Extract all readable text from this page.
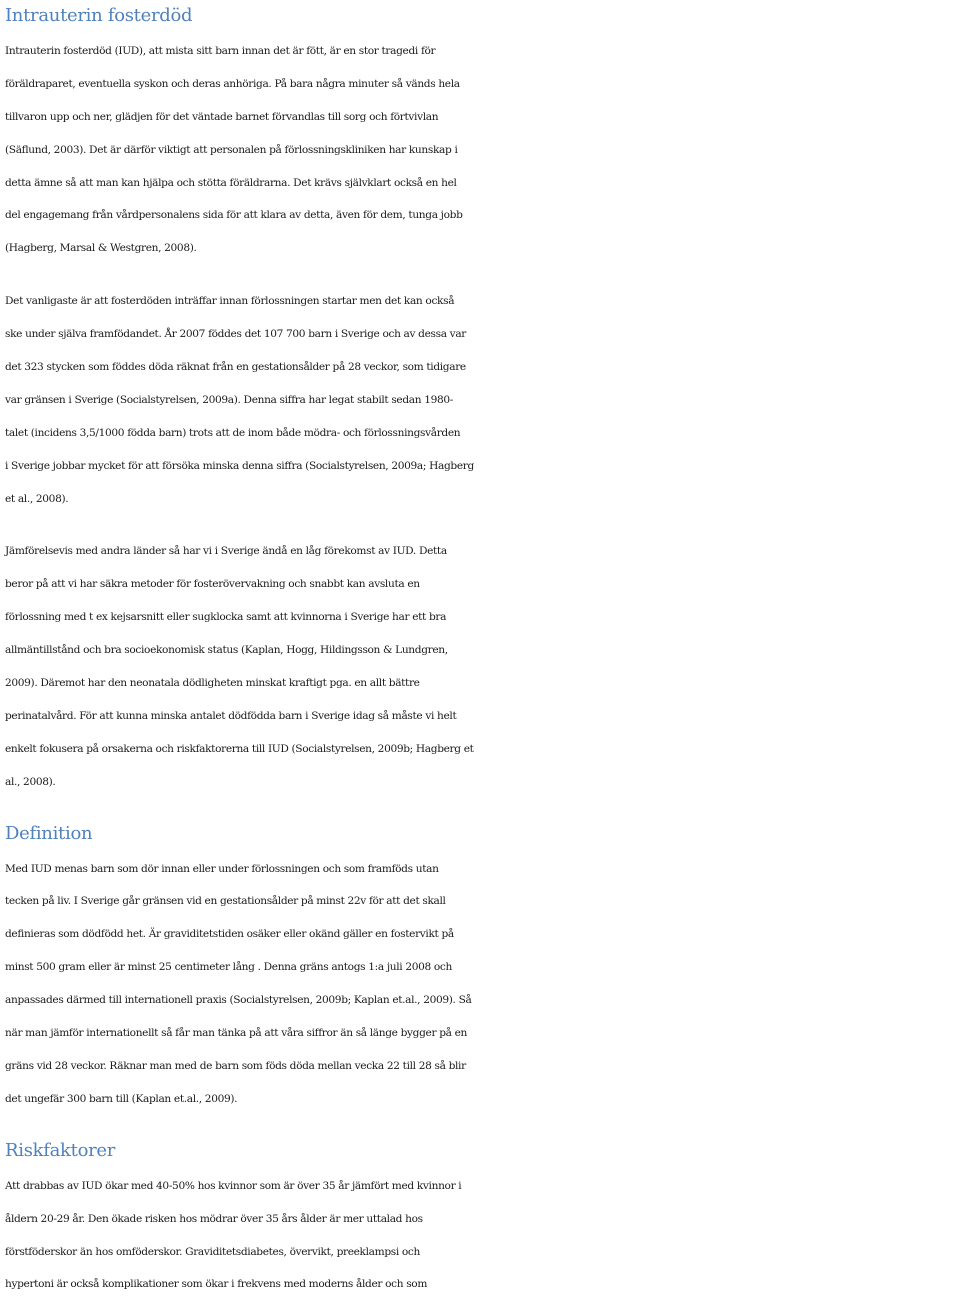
Intrauterin fosterdöd
Intrauterin fosterdöd (IUD), att mista sitt barn innan det är fött, är en stor tragedi för
föräldraparet, eventuella syskon och deras anhöriga. På bara några minuter så vänds hela
tillvaron upp och ner, glädjen för det väntade barnet förvandlas till sorg och förtvivlan
(Säflund, 2003). Det är därför viktigt att personalen på förlossningskliniken har kunskap i
detta ämne så att man kan hjälpa och stötta föräldrarna. Det krävs självklart också en hel
del engagemang från vårdpersonalens sida för att klara av detta, även för dem, tunga jobb
(Hagberg, Marsal & Westgren, 2008).
Det vanligaste är att fosterdöden inträffar innan förlossningen startar men det kan också
ske under själva framfödandet. År 2007 föddes det 107 700 barn i Sverige och av dessa var
det 323 stycken som föddes döda räknat från en gestationsålder på 28 veckor, som tidigare
var gränsen i Sverige (Socialstyrelsen, 2009a). Denna siffra har legat stabilt sedan 1980-
talet (incidens 3,5/1000 födda barn) trots att de inom både mödra- och förlossningsvården
i Sverige jobbar mycket för att försöka minska denna siffra (Socialstyrelsen, 2009a; Hagberg
et al., 2008).
Jämförelsevis med andra länder så har vi i Sverige ändå en låg förekomst av IUD. Detta
beror på att vi har säkra metoder för fosterövervakning och snabbt kan avsluta en
förlossning med t ex kejsarsnitt eller sugklocka samt att kvinnorna i Sverige har ett bra
allmäntillstånd och bra socioekonomisk status (Kaplan, Hogg, Hildingsson & Lundgren,
2009). Däremot har den neonatala dödligheten minskat kraftigt pga. en allt bättre
perinatalvård. För att kunna minska antalet dödfödda barn i Sverige idag så måste vi helt
enkelt fokusera på orsakerna och riskfaktorerna till IUD (Socialstyrelsen, 2009b; Hagberg et
al., 2008).
Definition
Med IUD menas barn som dör innan eller under förlossningen och som framföds utan
tecken på liv. I Sverige går gränsen vid en gestationsålder på minst 22v för att det skall
definieras som dödfödd het. Är graviditetstiden osäker eller okänd gäller en fostervikt på
minst 500 gram eller är minst 25 centimeter lång . Denna gräns antogs 1:a juli 2008 och
anpassades därmed till internationell praxis (Socialstyrelsen, 2009b; Kaplan et.al., 2009). Så
när man jämför internationellt så får man tänka på att våra siffror än så länge bygger på en
gräns vid 28 veckor. Räknar man med de barn som föds döda mellan vecka 22 till 28 så blir
det ungefär 300 barn till (Kaplan et.al., 2009).
Riskfaktorer
Att drabbas av IUD ökar med 40-50% hos kvinnor som är över 35 år jämfört med kvinnor i
åldern 20-29 år. Den ökade risken hos mödrar över 35 års ålder är mer uttalad hos
förstföderskor än hos omföderskor. Graviditetsdiabetes, övervikt, preeklampsi och
hypertoni är också komplikationer som ökar i frekvens med moderns ålder och som
